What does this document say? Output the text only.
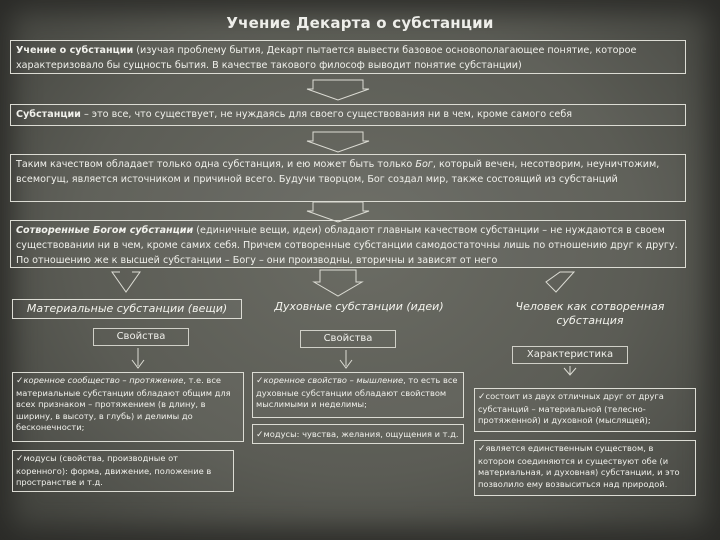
Учение Декарта о субстанции
Учение о субстанции (изучая проблему бытия, Декарт пытается вывести базовое основополагающее понятие, которое характеризовало бы сущность бытия. В качестве такового философ выводит понятие субстанции)
Субстанции – это все, что существует, не нуждаясь для своего существования ни в чем, кроме самого себя
Таким качеством обладает только одна субстанция, и ею может быть только Бог, который вечен, несотворим, неуничтожим, всемогущ, является источником и причиной всего. Будучи творцом, Бог создал мир, также состоящий из субстанций
Сотворенные Богом субстанции (единичные вещи, идеи) обладают главным качеством субстанции – не нуждаются в своем существовании ни в чем, кроме самих себя. Причем сотворенные субстанции самодостаточны лишь по отношению друг к другу. По отношению же к высшей субстанции – Богу – они производны, вторичны и зависят от него
Материальные субстанции (вещи)	Духовные субстанции (идеи)	Человек как сотворенная субстанция
Свойства	Свойства
Характеристика
✓коренное сообщество – протяжение, т.е. все материальные субстанции обладают общим для всех признаком – протяжением (в длину, в ширину, в высоту, в глубь) и делимы до бесконечности;
✓модусы (свойства, производные от коренного): форма, движение, положение в пространстве и т.д.
✓коренное свойство – мышление, то есть все духовные субстанции обладают свойством мыслимыми и неделимы;
✓модусы: чувства, желания, ощущения и т.д.
✓состоит из двух отличных друг от друга субстанций – материальной (телесно-протяженной) и духовной (мыслящей);
✓является единственным существом, в котором соединяются и существуют обе (и материальная, и духовная) субстанции, и это позволило ему возвыситься над природой.
